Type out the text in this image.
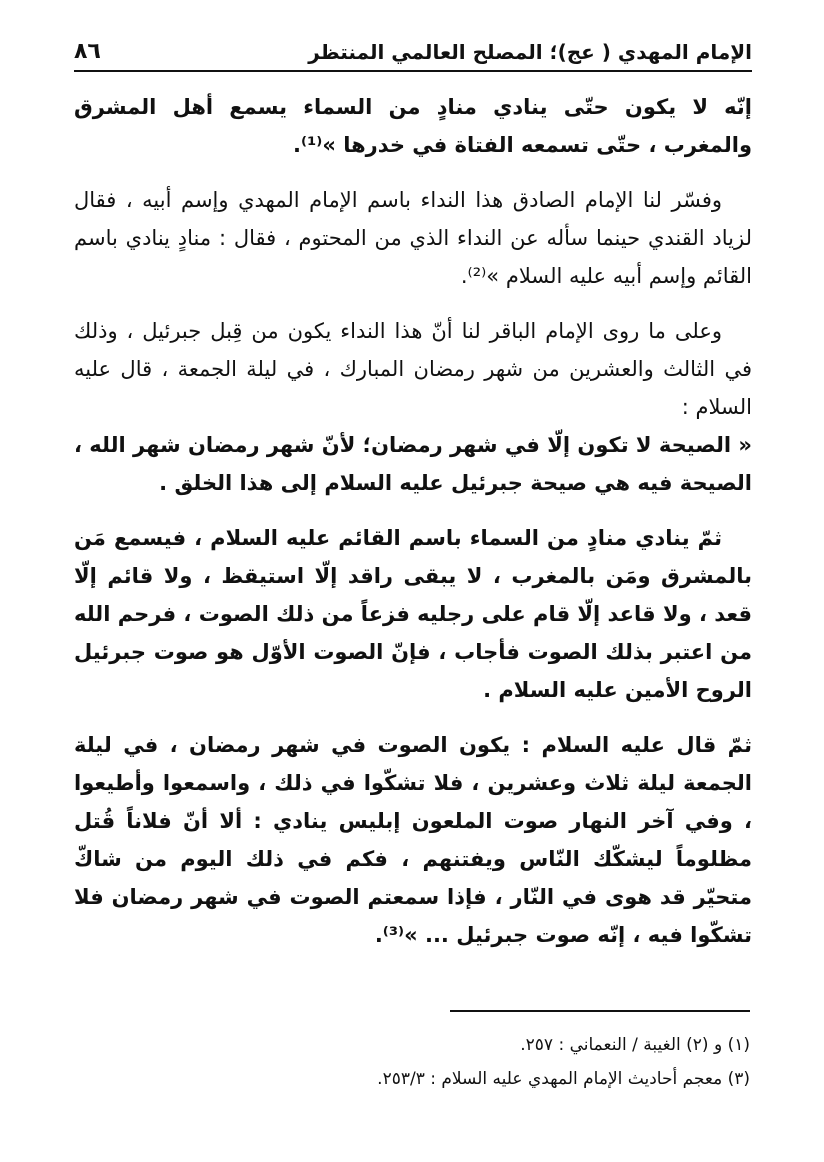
الإمام المهدي ( عج)؛ المصلح العالمي المنتظر
٨٦

إنّه لا يكون حتّى ينادي منادٍ من السماء يسمع أهل المشرق والمغرب ، حتّى تسمعه الفتاة في خدرها »⁽¹⁾.

وفسّر لنا الإمام الصادق هذا النداء باسم الإمام المهدي وإسم أبيه ، فقال لزياد القندي حينما سأله عن النداء الذي من المحتوم ، فقال : منادٍ ينادي باسم القائم وإسم أبيه عليه السلام »⁽²⁾.

وعلى ما روى الإمام الباقر لنا أنّ هذا النداء يكون من قِبل جبرئيل ، وذلك في الثالث والعشرين من شهر رمضان المبارك ، في ليلة الجمعة ، قال عليه السلام :

« الصيحة لا تكون إلّا في شهر رمضان؛ لأنّ شهر رمضان شهر الله ، الصيحة فيه هي صيحة جبرئيل عليه السلام إلى هذا الخلق .

ثمّ ينادي منادٍ من السماء باسم القائم عليه السلام ، فيسمع مَن بالمشرق ومَن بالمغرب ، لا يبقى راقد إلّا استيقظ ، ولا قائم إلّا قعد ، ولا قاعد إلّا قام على رجليه فزعاً من ذلك الصوت ، فرحم الله من اعتبر بذلك الصوت فأجاب ، فإنّ الصوت الأوّل هو صوت جبرئيل الروح الأمين عليه السلام .

ثمّ قال عليه السلام : يكون الصوت في شهر رمضان ، في ليلة الجمعة ليلة ثلاث وعشرين ، فلا تشكّوا في ذلك ، واسمعوا وأطيعوا ، وفي آخر النهار صوت الملعون إبليس ينادي : ألا أنّ فلاناً قُتل مظلوماً ليشكّك النّاس ويفتنهم ، فكم في ذلك اليوم من شاكّ متحيّر قد هوى في النّار ، فإذا سمعتم الصوت في شهر رمضان فلا تشكّوا فيه ، إنّه صوت جبرئيل ... »⁽³⁾.

(١) و (٢) الغيبة / النعماني : ٢٥٧.

(٣) معجم أحاديث الإمام المهدي عليه السلام : ٢٥٣/٣.
